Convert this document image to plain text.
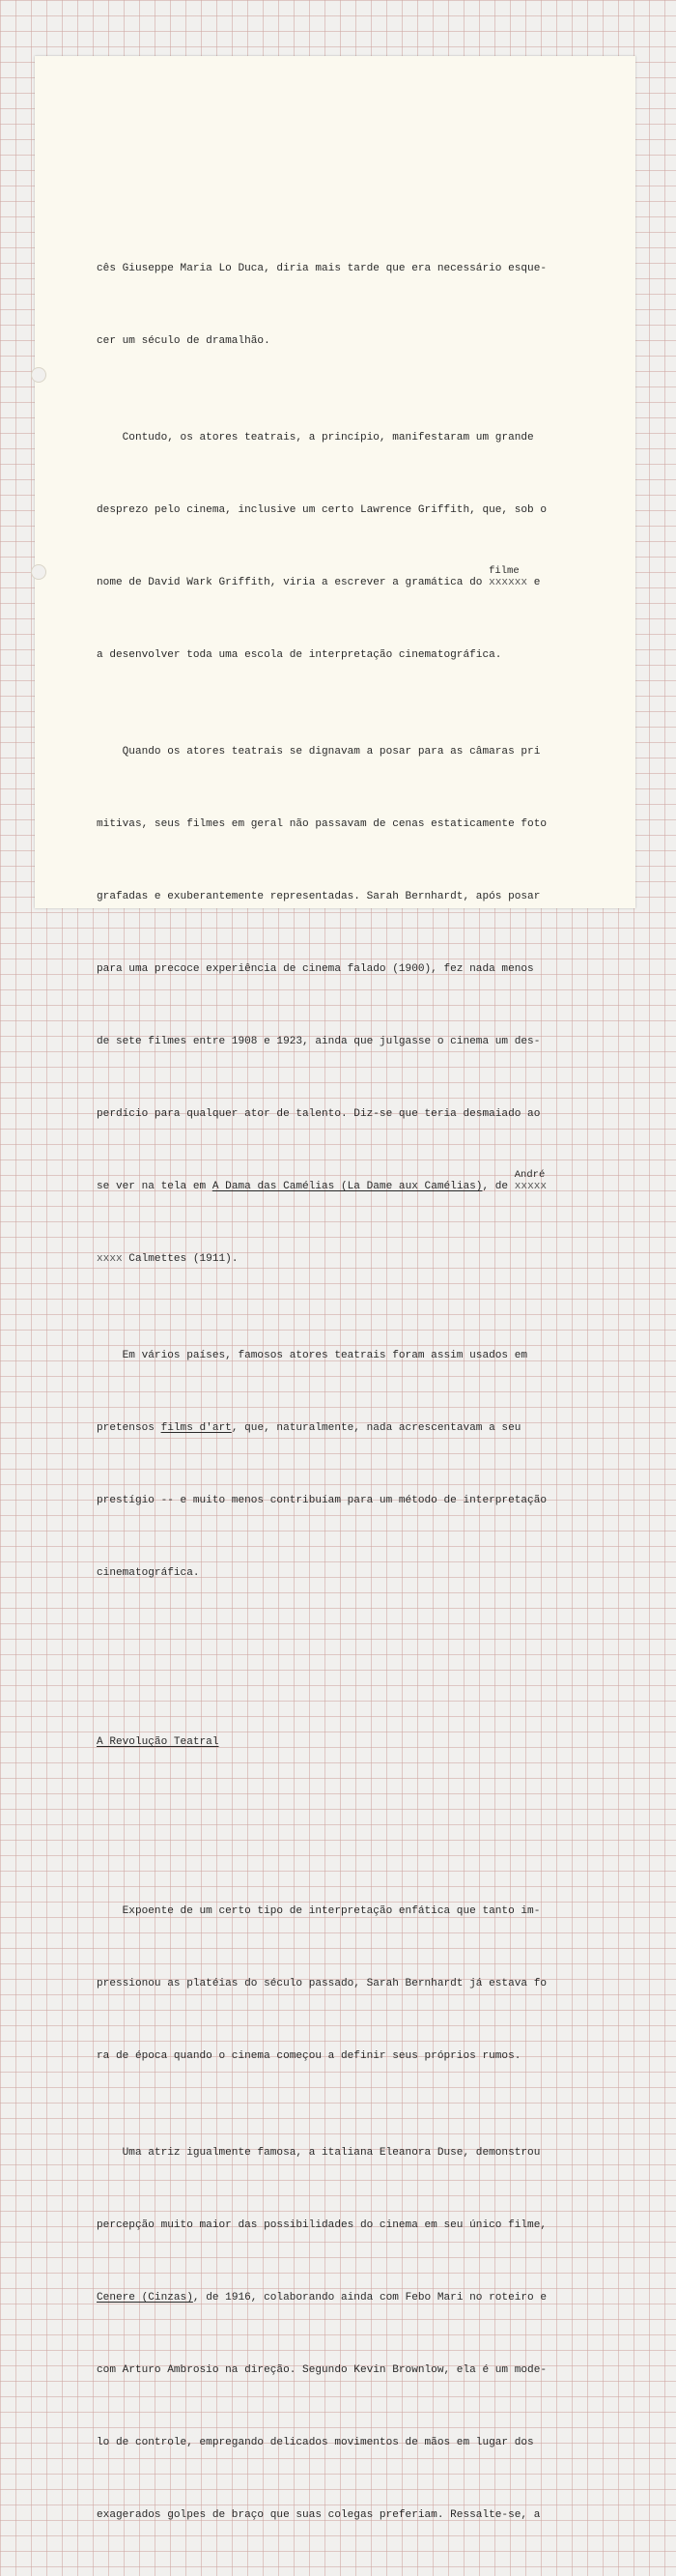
cês Giuseppe Maria Lo Duca, diria mais tarde que era necessário esque-

cer um século de dramalhão.

Contudo, os atores teatrais, a princípio, manifestaram um grande

desprezo pelo cinema, inclusive um certo Lawrence Griffith, que, sob o

nome de David Wark Griffith, viria a escrever a gramática do
filme
xxxxxx e

a desenvolver toda uma escola de interpretação cinematográfica.

Quando os atores teatrais se dignavam a posar para as câmaras pri

mitivas, seus filmes em geral não passavam de cenas estaticamente foto

grafadas e exuberantemente representadas. Sarah Bernhardt, após posar

para uma precoce experiência de cinema falado (1900), fez nada menos

de sete filmes entre 1908 e 1923, ainda que julgasse o cinema um des-

perdício para qualquer ator de talento. Diz-se que teria desmaiado ao

se ver na tela em A Dama das Camélias (La Dame aux Camélias), de
André
xxxxx

xxxx Calmettes (1911).

Em vários países, famosos atores teatrais foram assim usados em

pretensos films d'art, que, naturalmente, nada acrescentavam a seu

prestígio -- e muito menos contribuíam para um método de interpretação

cinematográfica.

A Revolução Teatral

Expoente de um certo tipo de interpretação enfática que tanto im-

pressionou as platéias do século passado, Sarah Bernhardt já estava fo

ra de época quando o cinema começou a definir seus próprios rumos.

Uma atriz igualmente famosa, a italiana Eleanora Duse, demonstrou

percepção muito maior das possibilidades do cinema em seu único filme,

Cenere (Cinzas), de 1916, colaborando ainda com Febo Mari no roteiro e

com Arturo Ambrosio na direção. Segundo Kevin Brownlow, ela é um mode-

lo de controle, empregando delicados movimentos de mãos em lugar dos

exagerados golpes de braço que suas colegas preferiam. Ressalte-se, a
